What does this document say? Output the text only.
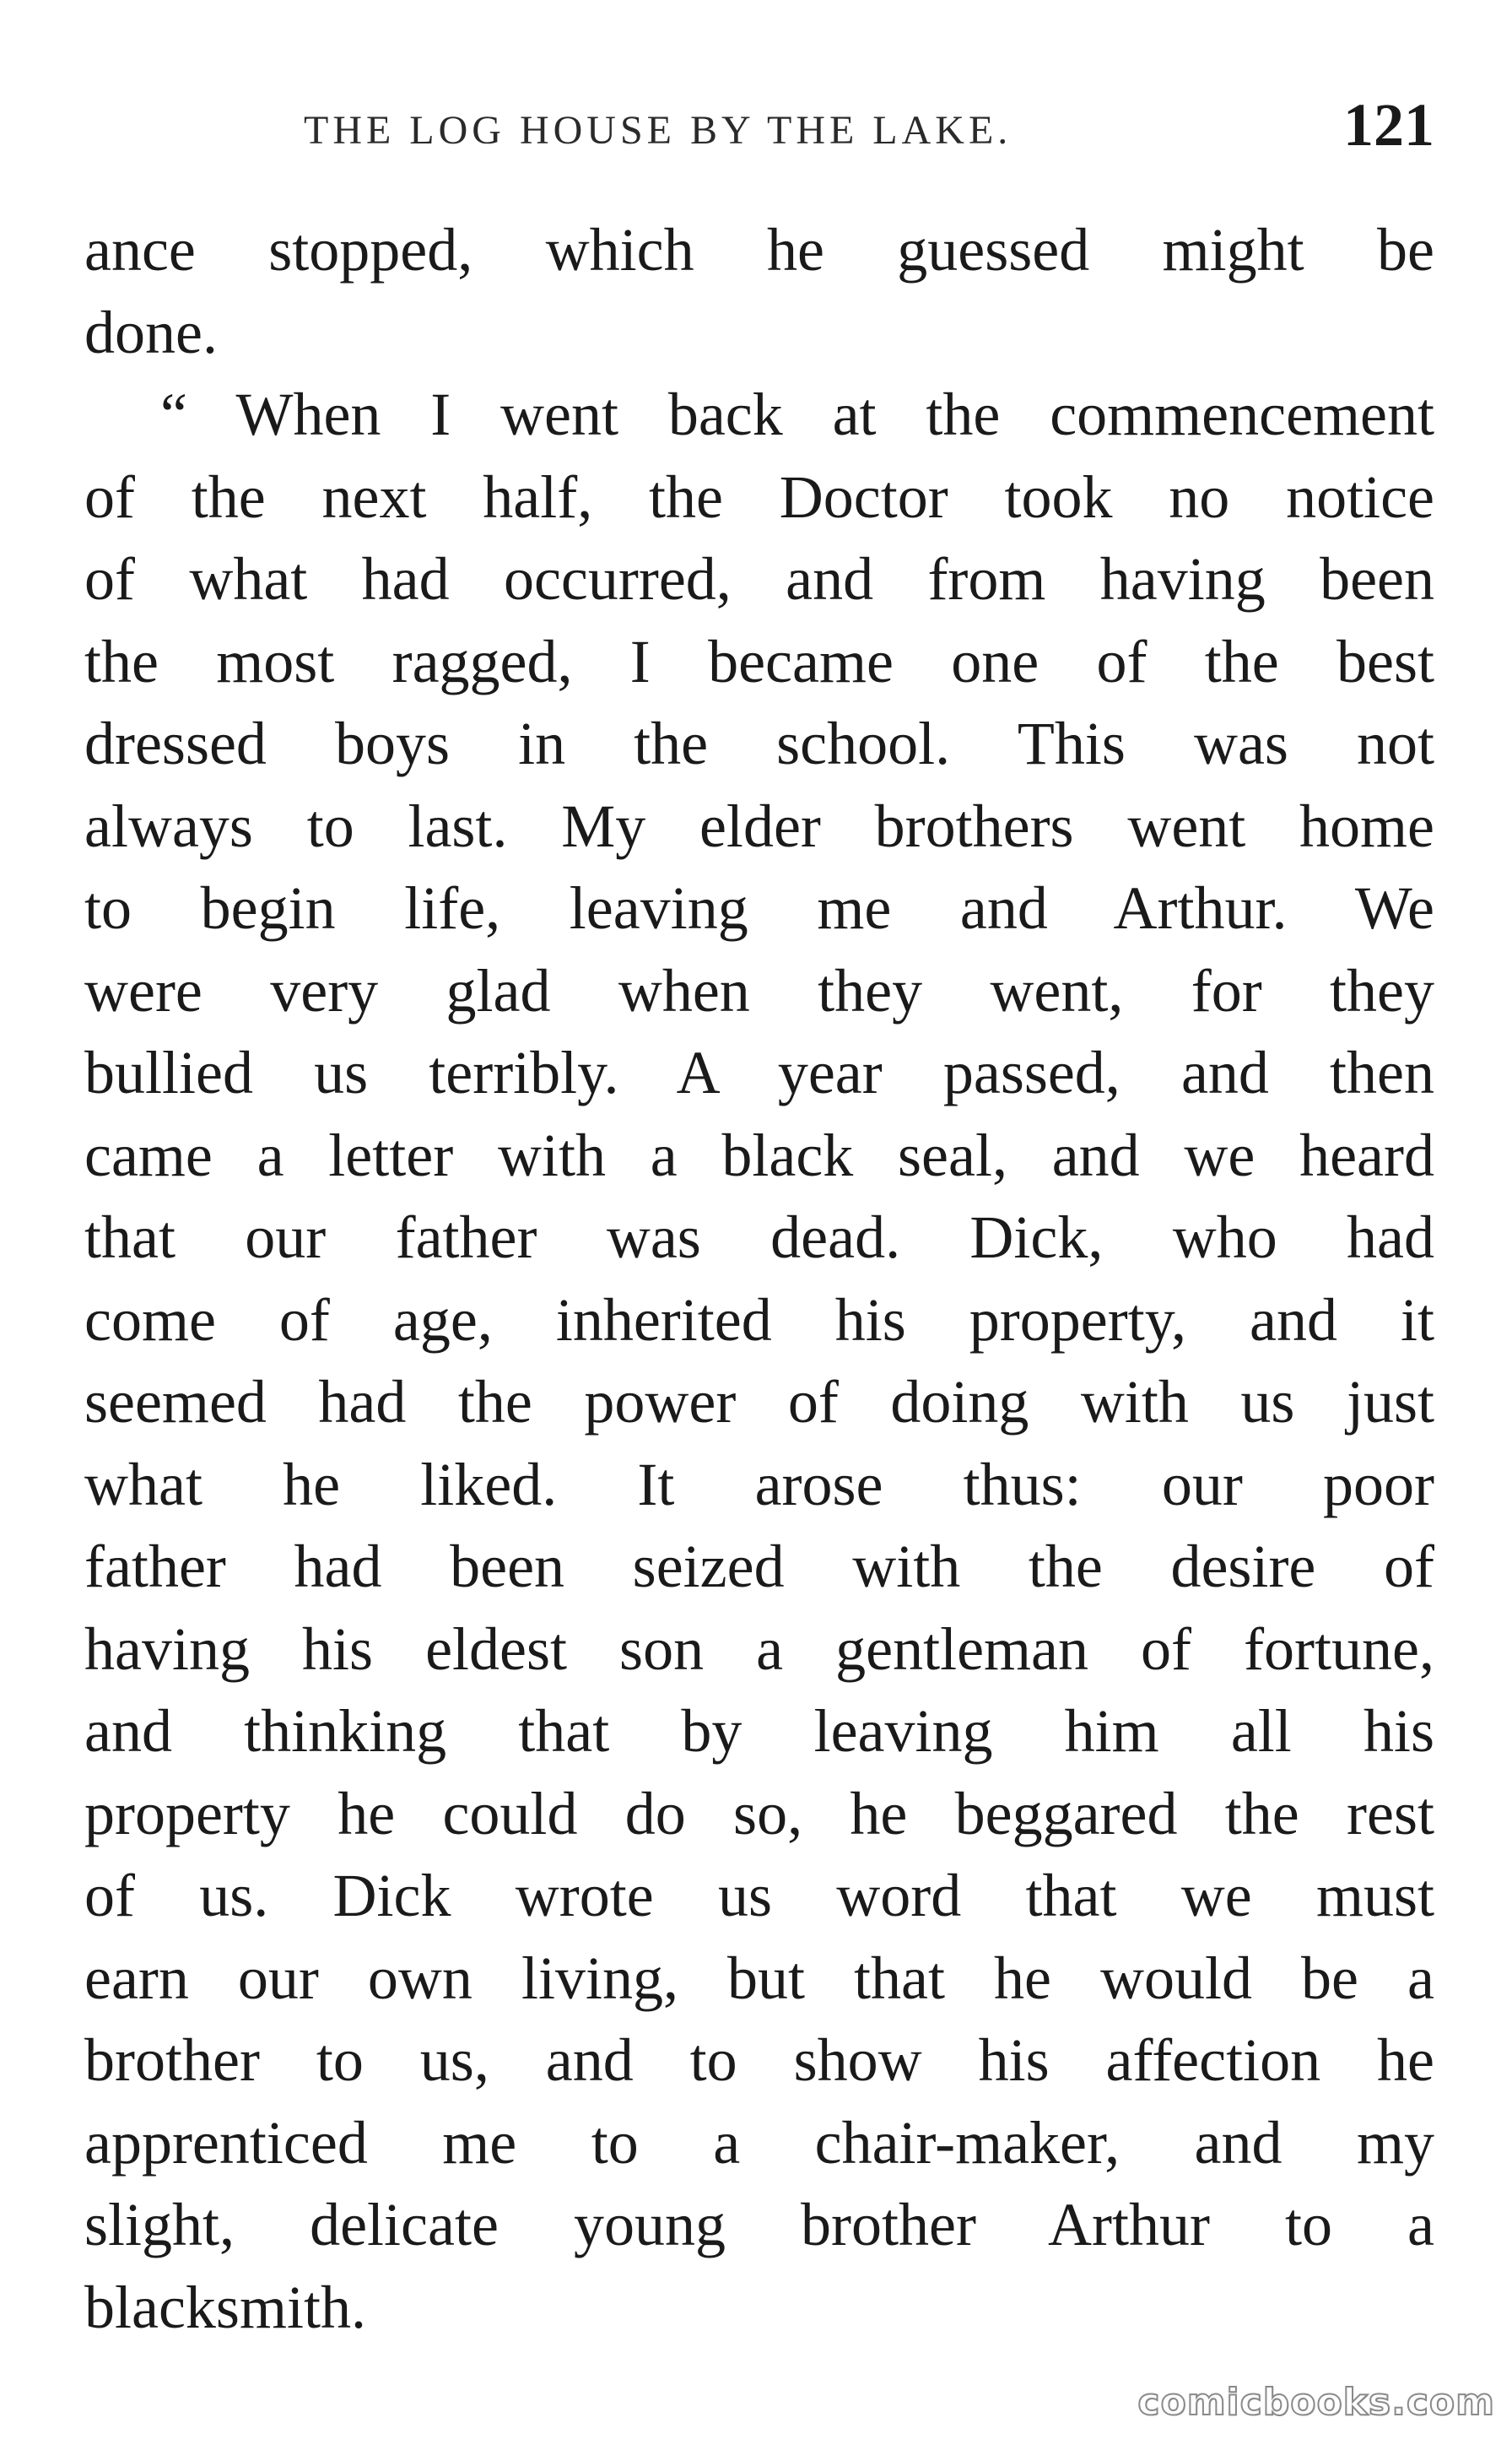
THE LOG HOUSE BY THE LAKE.	121
ance stopped, which he guessed might be
done.
“ When I went back at the commencement
of the next half, the Doctor took no notice
of what had occurred, and from having been
the most ragged, I became one of the best
dressed boys in the school. This was not
always to last. My elder brothers went home
to begin life, leaving me and Arthur. We
were very glad when they went, for they
bullied us terribly. A year passed, and then
came a letter with a black seal, and we heard
that our father was dead. Dick, who had
come of age, inherited his property, and it
seemed had the power of doing with us just
what he liked. It arose thus: our poor
father had been seized with the desire of
having his eldest son a gentleman of fortune,
and thinking that by leaving him all his
property he could do so, he beggared the rest
of us. Dick wrote us word that we must
earn our own living, but that he would be a
brother to us, and to show his affection he
apprenticed me to a chair-maker, and my
slight, delicate young brother Arthur to a
blacksmith.
comicbooks.com
